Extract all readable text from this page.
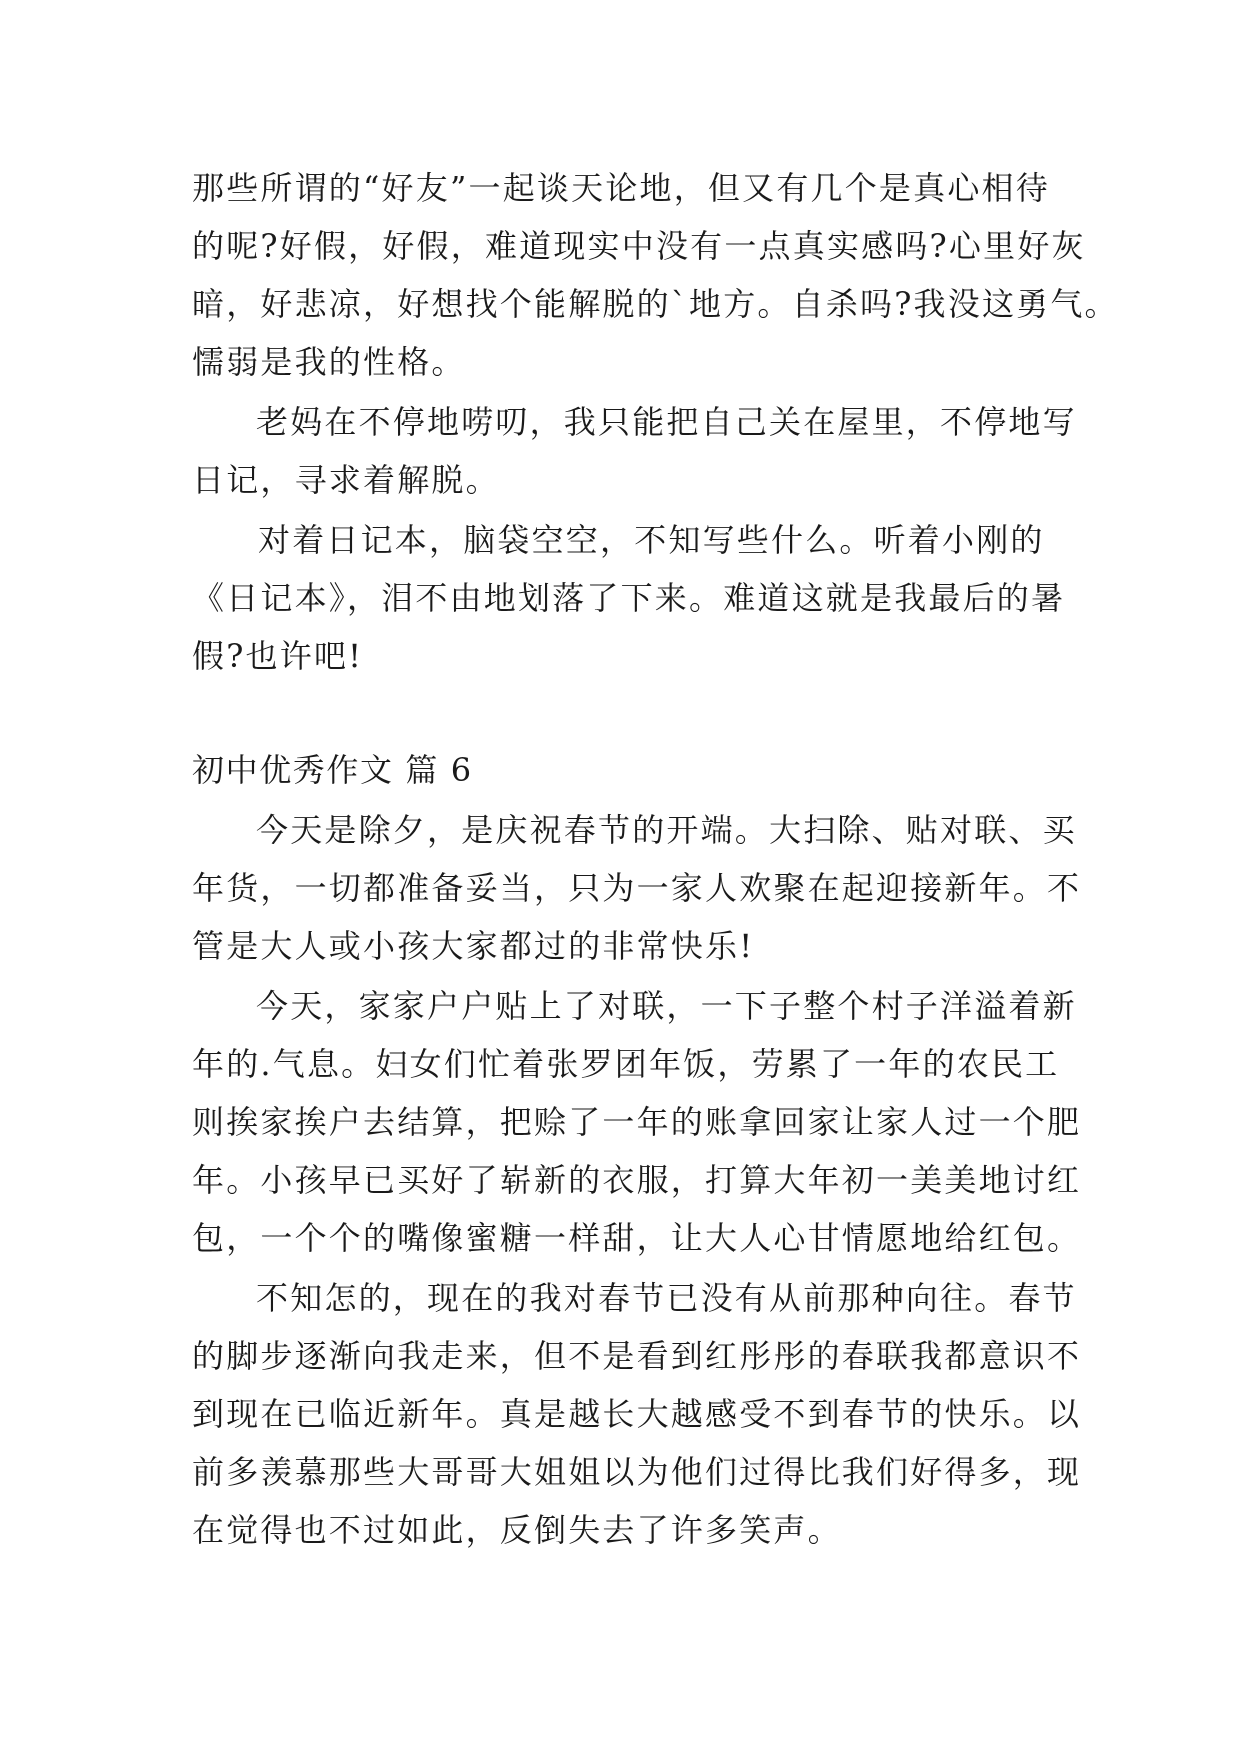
那些所谓的“好友”一起谈天论地，但又有几个是真心相待
的呢?好假，好假，难道现实中没有一点真实感吗?心里好灰
暗，好悲凉，好想找个能解脱的`地方。自杀吗?我没这勇气。
懦弱是我的性格。
老妈在不停地唠叨，我只能把自己关在屋里，不停地写
日记，寻求着解脱。
对着日记本，脑袋空空，不知写些什么。听着小刚的
《日记本》，泪不由地划落了下来。难道这就是我最后的暑
假?也许吧!
初中优秀作文 篇 6
今天是除夕，是庆祝春节的开端。大扫除、贴对联、买
年货，一切都准备妥当，只为一家人欢聚在起迎接新年。不
管是大人或小孩大家都过的非常快乐!
今天，家家户户贴上了对联，一下子整个村子洋溢着新
年的.气息。妇女们忙着张罗团年饭，劳累了一年的农民工
则挨家挨户去结算，把赊了一年的账拿回家让家人过一个肥
年。小孩早已买好了崭新的衣服，打算大年初一美美地讨红
包，一个个的嘴像蜜糖一样甜，让大人心甘情愿地给红包。
不知怎的，现在的我对春节已没有从前那种向往。春节
的脚步逐渐向我走来，但不是看到红彤彤的春联我都意识不
到现在已临近新年。真是越长大越感受不到春节的快乐。以
前多羡慕那些大哥哥大姐姐以为他们过得比我们好得多，现
在觉得也不过如此，反倒失去了许多笑声。
